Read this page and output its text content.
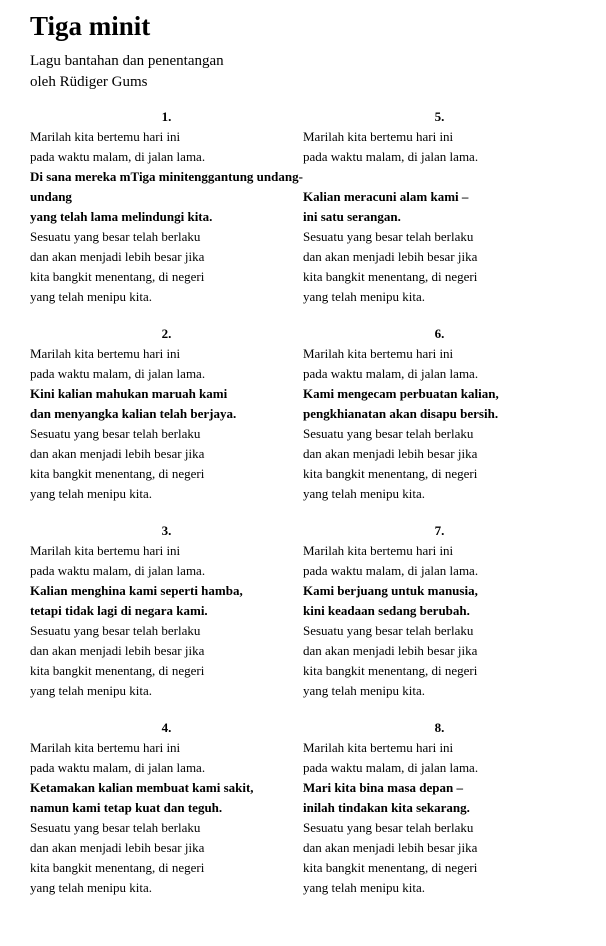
Tiga minit

Lagu bantahan dan penentangan

oleh Rüdiger Gums

1.	5.
Marilah kita bertemu hari ini	Marilah kita bertemu hari ini
pada waktu malam, di jalan lama.	pada waktu malam, di jalan lama.
Di sana mereka mTiga minitenggantung undang-undang	Kalian meracuni alam kami –
yang telah lama melindungi kita.	ini satu serangan.
Sesuatu yang besar telah berlaku	Sesuatu yang besar telah berlaku
dan akan menjadi lebih besar jika	dan akan menjadi lebih besar jika
kita bangkit menentang, di negeri	kita bangkit menentang, di negeri
yang telah menipu kita.	yang telah menipu kita.

2.	6.
Marilah kita bertemu hari ini	Marilah kita bertemu hari ini
pada waktu malam, di jalan lama.	pada waktu malam, di jalan lama.
Kini kalian mahukan maruah kami	Kami mengecam perbuatan kalian,
dan menyangka kalian telah berjaya.	pengkhianatan akan disapu bersih.
Sesuatu yang besar telah berlaku	Sesuatu yang besar telah berlaku
dan akan menjadi lebih besar jika	dan akan menjadi lebih besar jika
kita bangkit menentang, di negeri	kita bangkit menentang, di negeri
yang telah menipu kita.	yang telah menipu kita.

3.	7.
Marilah kita bertemu hari ini	Marilah kita bertemu hari ini
pada waktu malam, di jalan lama.	pada waktu malam, di jalan lama.
Kalian menghina kami seperti hamba,	Kami berjuang untuk manusia,
tetapi tidak lagi di negara kami.	kini keadaan sedang berubah.
Sesuatu yang besar telah berlaku	Sesuatu yang besar telah berlaku
dan akan menjadi lebih besar jika	dan akan menjadi lebih besar jika
kita bangkit menentang, di negeri	kita bangkit menentang, di negeri
yang telah menipu kita.	yang telah menipu kita.

4.	8.
Marilah kita bertemu hari ini	Marilah kita bertemu hari ini
pada waktu malam, di jalan lama.	pada waktu malam, di jalan lama.
Ketamakan kalian membuat kami sakit,	Mari kita bina masa depan –
namun kami tetap kuat dan teguh.	inilah tindakan kita sekarang.
Sesuatu yang besar telah berlaku	Sesuatu yang besar telah berlaku
dan akan menjadi lebih besar jika	dan akan menjadi lebih besar jika
kita bangkit menentang, di negeri	kita bangkit menentang, di negeri
yang telah menipu kita.	yang telah menipu kita.
